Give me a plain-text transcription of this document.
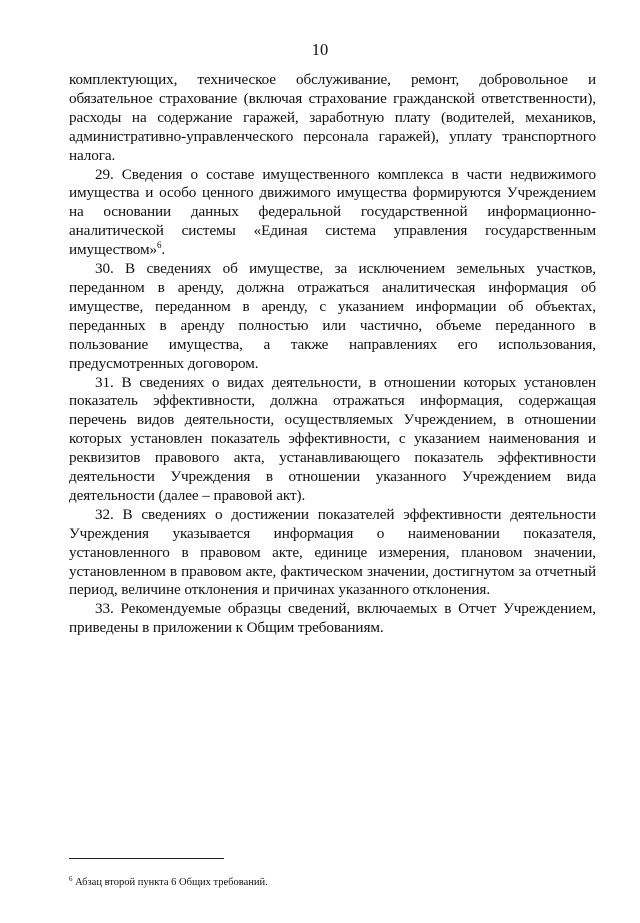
10

комплектующих, техническое обслуживание, ремонт, добровольное и обязательное страхование (включая страхование гражданской ответственности), расходы на содержание гаражей, заработную плату (водителей, механиков, административно-управленческого персонала гаражей), уплату транспортного налога.

29. Сведения о составе имущественного комплекса в части недвижимого имущества и особо ценного движимого имущества формируются Учреждением на основании данных федеральной государственной информационно-аналитической системы «Единая система управления государственным имуществом»$^6$.

30. В сведениях об имуществе, за исключением земельных участков, переданном в аренду, должна отражаться аналитическая информация об имуществе, переданном в аренду, с указанием информации об объектах, переданных в аренду полностью или частично, объеме переданного в пользование имущества, а также направлениях его использования, предусмотренных договором.

31. В сведениях о видах деятельности, в отношении которых установлен показатель эффективности, должна отражаться информация, содержащая перечень видов деятельности, осуществляемых Учреждением, в отношении которых установлен показатель эффективности, с указанием наименования и реквизитов правового акта, устанавливающего показатель эффективности деятельности Учреждения в отношении указанного Учреждением вида деятельности (далее – правовой акт).

32. В сведениях о достижении показателей эффективности деятельности Учреждения указывается информация о наименовании показателя, установленного в правовом акте, единице измерения, плановом значении, установленном в правовом акте, фактическом значении, достигнутом за отчетный период, величине отклонения и причинах указанного отклонения.

33. Рекомендуемые образцы сведений, включаемых в Отчет Учреждением, приведены в приложении к Общим требованиям.

$^6$ Абзац второй пункта 6 Общих требований.
